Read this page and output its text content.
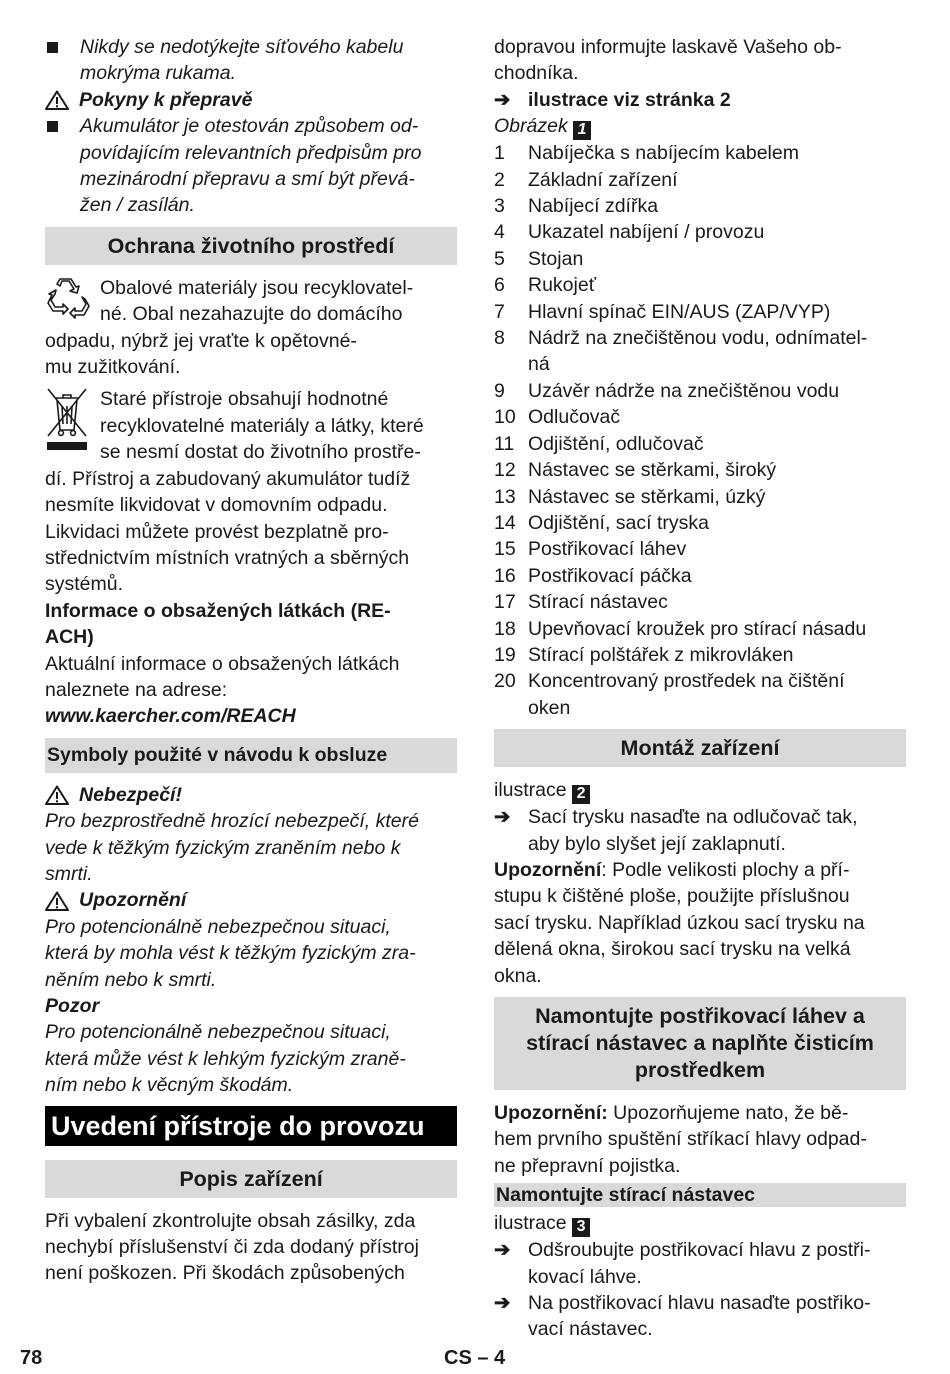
Nikdy se nedotýkejte síťového kabelu

mokrýma rukama.

Pokyny k přepravě

Akumulátor je otestován způsobem od-

povídajícím relevantních předpisům pro

mezinárodní přepravu a smí být převá-

žen / zasílán.

Ochrana životního prostředí

Obalové materiály jsou recyklovatel-

né. Obal nezahazujte do domácího

odpadu, nýbrž jej vraťte k opětovné-

mu zužitkování.

Staré přístroje obsahují hodnotné

recyklovatelné materiály a látky, které

se nesmí dostat do životního prostře-

dí. Přístroj a zabudovaný akumulátor tudíž

nesmíte likvidovat v domovním odpadu.

Likvidaci můžete provést bezplatně pro-

střednictvím místních vratných a sběrných

systémů.

Informace o obsažených látkách (RE-

ACH)

Aktuální informace o obsažených látkách

naleznete na adrese:

www.kaercher.com/REACH

Symboly použité v návodu k obsluze
Nebezpečí!

Pro bezprostředně hrozící nebezpečí, které

vede k těžkým fyzickým zraněním nebo k

smrti.

Upozornění

Pro potencionálně nebezpečnou situaci,

která by mohla vést k těžkým fyzickým zra-

něním nebo k smrti.

Pozor

Pro potencionálně nebezpečnou situaci,

která může vést k lehkým fyzickým zraně-

ním nebo k věcným škodám.

Uvedení přístroje do provozu
Popis zařízení

Při vybalení zkontrolujte obsah zásilky, zda

nechybí příslušenství či zda dodaný přístroj

není poškozen. Při škodách způsobených

dopravou informujte laskavě Vašeho ob-

chodníka.

➔ ilustrace viz stránka 2

Obrázek 1

1	Nabíječka s nabíjecím kabelem
2	Základní zařízení
3	Nabíjecí zdířka
4	Ukazatel nabíjení / provozu
5	Stojan
6	Rukojeť
7	Hlavní spínač EIN/AUS (ZAP/VYP)
8	Nádrž na znečištěnou vodu, odnímatel-
ná
9	Uzávěr nádrže na znečištěnou vodu
10 Odlučovač
11 Odjištění, odlučovač
12 Nástavec se stěrkami, široký
13 Nástavec se stěrkami, úzký
14 Odjištění, sací tryska
15 Postřikovací láhev
16 Postřikovací páčka
17 Stírací nástavec
18 Upevňovací kroužek pro stírací násadu
19 Stírací polštářek z mikrovláken
20 Koncentrovaný prostředek na čištění
oken
Montáž zařízení

ilustrace 2

➔ Sací trysku nasaďte na odlučovač tak,

aby bylo slyšet její zaklapnutí.

Upozornění: Podle velikosti plochy a pří-

stupu k čištěné ploše, použijte příslušnou

sací trysku. Například úzkou sací trysku na

dělená okna, širokou sací trysku na velká

okna.

Namontujte postřikovací láhev a

stírací nástavec a naplňte čisticím

prostředkem

Upozornění: Upozorňujeme nato, že bě-

hem prvního spuštění stříkací hlavy odpad-

ne přepravní pojistka.

Namontujte stírací nástavec

ilustrace 3

➔ Odšroubujte postřikovací hlavu z postři-

kovací láhve.

➔ Na postřikovací hlavu nasaďte postřiko-

vací nástavec.

78	CS – 4
